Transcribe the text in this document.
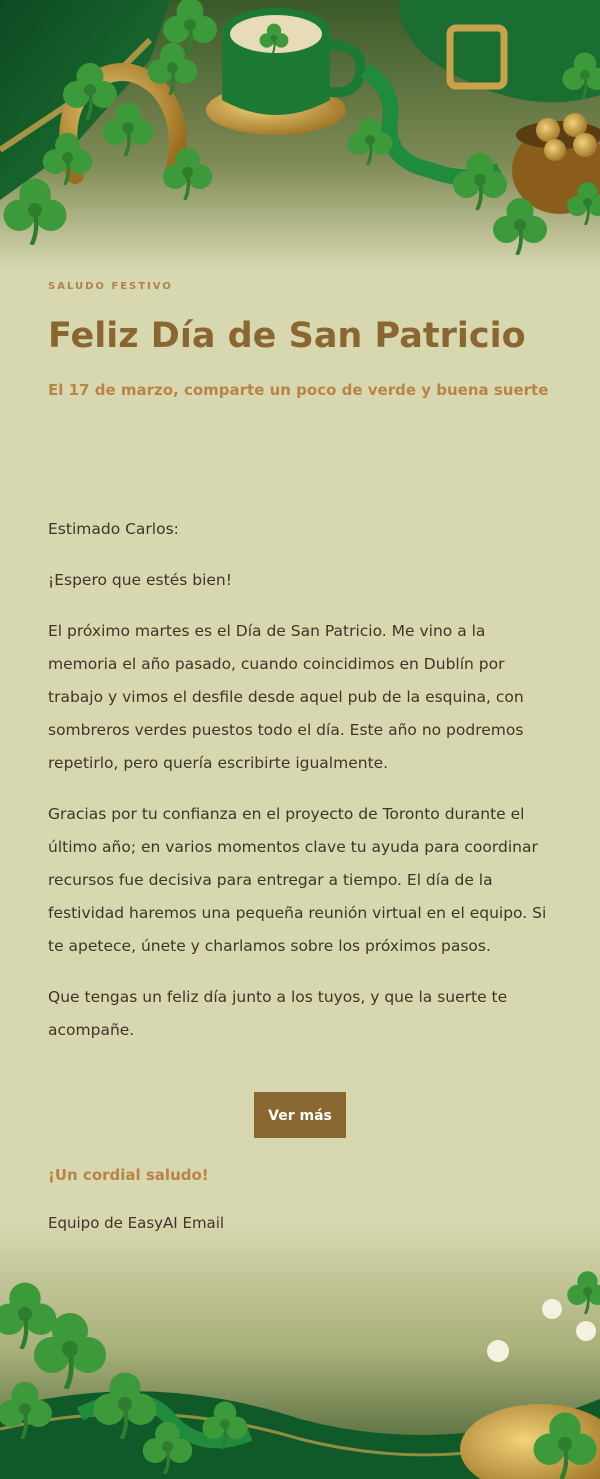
SALUDO FESTIVO
Feliz Día de San Patricio
El 17 de marzo, comparte un poco de verde y buena suerte

Estimado Carlos:

¡Espero que estés bien!

El próximo martes es el Día de San Patricio. Me vino a la memoria el año pasado, cuando coincidimos en Dublín por trabajo y vimos el desfile desde aquel pub de la esquina, con sombreros verdes puestos todo el día. Este año no podremos repetirlo, pero quería escribirte igualmente.

Gracias por tu confianza en el proyecto de Toronto durante el último año; en varios momentos clave tu ayuda para coordinar recursos fue decisiva para entregar a tiempo. El día de la festividad haremos una pequeña reunión virtual en el equipo. Si te apetece, únete y charlamos sobre los próximos pasos.

Que tengas un feliz día junto a los tuyos, y que la suerte te acompañe.

Ver más
¡Un cordial saludo!
Equipo de EasyAI Email
